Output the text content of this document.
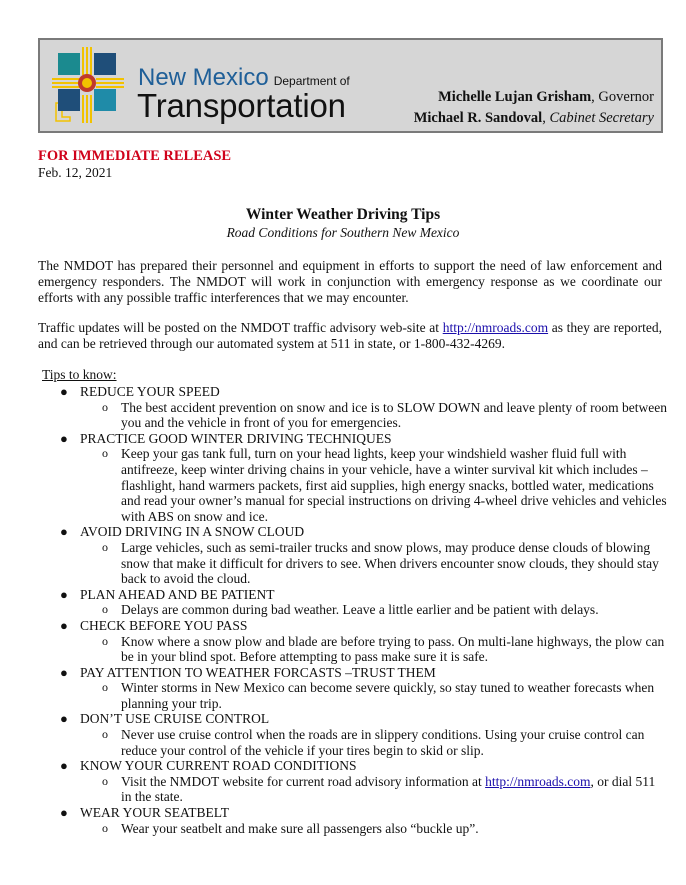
New Mexico Department of
Transportation	Michelle Lujan Grisham, Governor
Michael R. Sandoval, Cabinet Secretary
FOR IMMEDIATE RELEASE
Feb. 12, 2021
Winter Weather Driving Tips
Road Conditions for Southern New Mexico
The NMDOT has prepared their personnel and equipment in efforts to support the need of law enforcement and emergency responders. The NMDOT will work in conjunction with emergency response as we coordinate our efforts with any possible traffic interferences that we may encounter.
Traffic updates will be posted on the NMDOT traffic advisory web-site at http://nmroads.com as they are reported, and can be retrieved through our automated system at 511 in state, or 1-800-432-4269.
Tips to know:
● REDUCE YOUR SPEED
o The best accident prevention on snow and ice is to SLOW DOWN and leave plenty of room between you and the vehicle in front of you for emergencies.
● PRACTICE GOOD WINTER DRIVING TECHNIQUES
o Keep your gas tank full, turn on your head lights, keep your windshield washer fluid full with antifreeze, keep winter driving chains in your vehicle, have a winter survival kit which includes – flashlight, hand warmers packets, first aid supplies, high energy snacks, bottled water, medications and read your owner’s manual for special instructions on driving 4-wheel drive vehicles and vehicles with ABS on snow and ice.
● AVOID DRIVING IN A SNOW CLOUD
o Large vehicles, such as semi-trailer trucks and snow plows, may produce dense clouds of blowing snow that make it difficult for drivers to see. When drivers encounter snow clouds, they should stay back to avoid the cloud.
● PLAN AHEAD AND BE PATIENT
o Delays are common during bad weather. Leave a little earlier and be patient with delays.
● CHECK BEFORE YOU PASS
o Know where a snow plow and blade are before trying to pass. On multi-lane highways, the plow can be in your blind spot. Before attempting to pass make sure it is safe.
● PAY ATTENTION TO WEATHER FORCASTS –TRUST THEM
o Winter storms in New Mexico can become severe quickly, so stay tuned to weather forecasts when planning your trip.
● DON’T USE CRUISE CONTROL
o Never use cruise control when the roads are in slippery conditions. Using your cruise control can reduce your control of the vehicle if your tires begin to skid or slip.
● KNOW YOUR CURRENT ROAD CONDITIONS
o Visit the NMDOT website for current road advisory information at http://nmroads.com, or dial 511 in the state.
● WEAR YOUR SEATBELT
o Wear your seatbelt and make sure all passengers also “buckle up”.
